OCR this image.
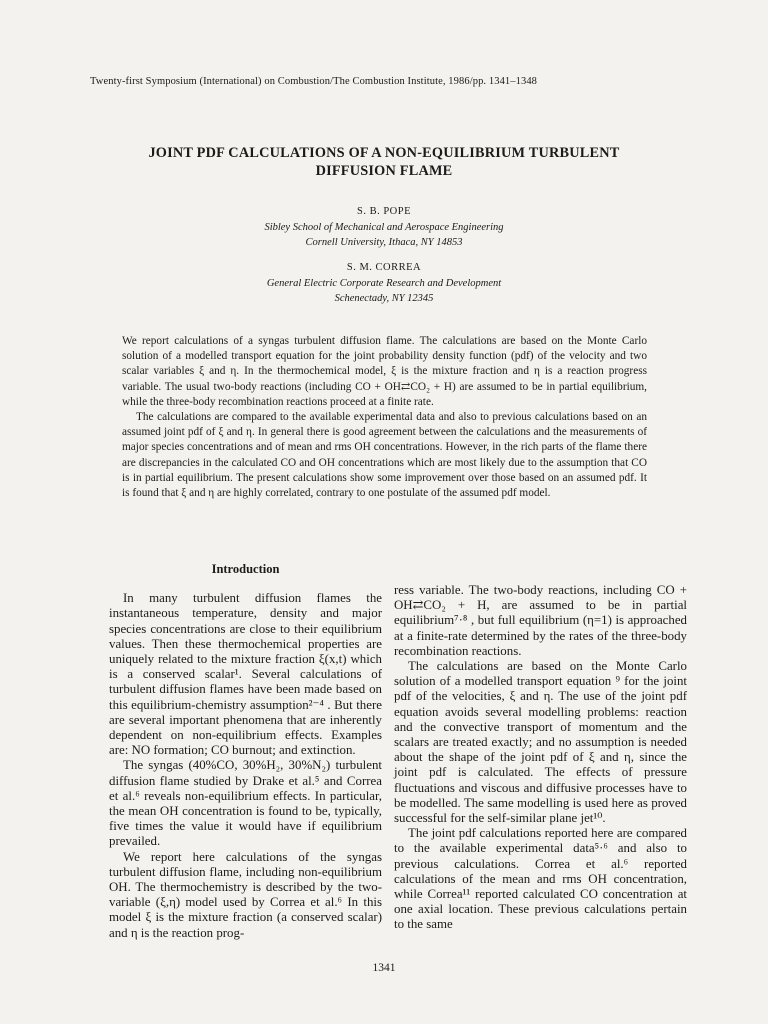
Twenty-first Symposium (International) on Combustion/The Combustion Institute, 1986/pp. 1341–1348
JOINT PDF CALCULATIONS OF A NON-EQUILIBRIUM TURBULENT
DIFFUSION FLAME
S. B. POPE
Sibley School of Mechanical and Aerospace Engineering
Cornell University, Ithaca, NY 14853
S. M. CORREA
General Electric Corporate Research and Development
Schenectady, NY 12345

We report calculations of a syngas turbulent diffusion flame. The calculations are based on the Monte Carlo solution of a modelled transport equation for the joint probability density function (pdf) of the velocity and two scalar variables ξ and η. In the thermochemical model, ξ is the mixture fraction and η is a reaction progress variable. The usual two-body reactions (including CO + OH⇄CO₂ + H) are assumed to be in partial equilibrium, while the three-body recombination reactions proceed at a finite rate.

The calculations are compared to the available experimental data and also to previous calculations based on an assumed joint pdf of ξ and η. In general there is good agreement between the calculations and the measurements of major species concentrations and of mean and rms OH concentrations. However, in the rich parts of the flame there are discrepancies in the calculated CO and OH concentrations which are most likely due to the assumption that CO is in partial equilibrium. The present calculations show some improvement over those based on an assumed pdf. It is found that ξ and η are highly correlated, contrary to one postulate of the assumed pdf model.

Introduction

In many turbulent diffusion flames the instantaneous temperature, density and major species concentrations are close to their equilibrium values. Then these thermochemical properties are uniquely related to the mixture fraction ξ(x,t) which is a conserved scalar¹. Several calculations of turbulent diffusion flames have been made based on this equilibrium-chemistry assumption²⁻⁴ . But there are several important phenomena that are inherently dependent on non-equilibrium effects. Examples are: NO formation; CO burnout; and extinction.

The syngas (40%CO, 30%H₂, 30%N₂) turbulent diffusion flame studied by Drake et al.⁵ and Correa et al.⁶ reveals non-equilibrium effects. In particular, the mean OH concentration is found to be, typically, five times the value it would have if equilibrium prevailed.

We report here calculations of the syngas turbulent diffusion flame, including non-equilibrium OH. The thermochemistry is described by the two-variable (ξ,η) model used by Correa et al.⁶ In this model ξ is the mixture fraction (a conserved scalar) and η is the reaction prog-

ress variable. The two-body reactions, including CO + OH⇄CO₂ + H, are assumed to be in partial equilibrium⁷·⁸ , but full equilibrium (η=1) is approached at a finite-rate determined by the rates of the three-body recombination reactions.

The calculations are based on the Monte Carlo solution of a modelled transport equation ⁹ for the joint pdf of the velocities, ξ and η. The use of the joint pdf equation avoids several modelling problems: reaction and the convective transport of momentum and the scalars are treated exactly; and no assumption is needed about the shape of the joint pdf of ξ and η, since the joint pdf is calculated. The effects of pressure fluctuations and viscous and diffusive processes have to be modelled. The same modelling is used here as proved successful for the self-similar plane jet¹⁰.

The joint pdf calculations reported here are compared to the available experimental data⁵·⁶ and also to previous calculations. Correa et al.⁶ reported calculations of the mean and rms OH concentration, while Correa¹¹ reported calculated CO concentration at one axial location. These previous calculations pertain to the same

1341
